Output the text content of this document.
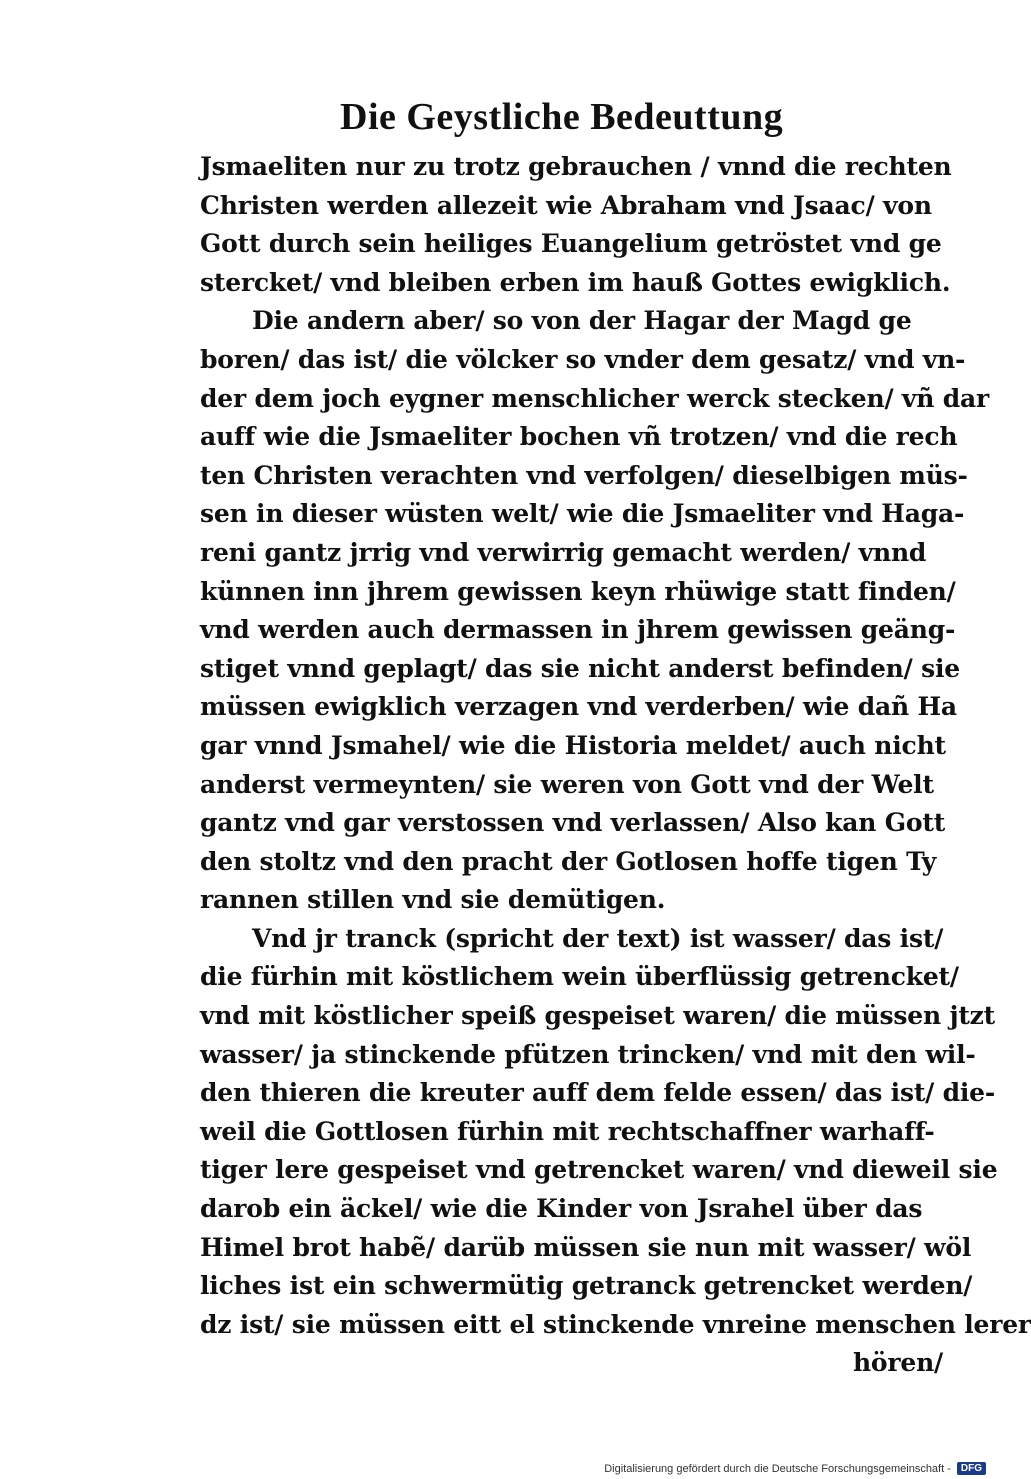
Die Geystliche Bedeuttung
Jsmaeliten nur zu trotz gebrauchen / vnnd die rechten
Christen werden allezeit wie Abraham vnd Jsaac/ von
Gott durch sein heiliges Euangelium getröstet vnd ge
stercket/ vnd bleiben erben im hauß Gottes ewigklich.
Die andern aber/ so von der Hagar der Magd ge
boren/ das ist/ die völcker so vnder dem gesatz/ vnd vn-
der dem joch eygner menschlicher werck stecken/ vñ dar
auff wie die Jsmaeliter bochen vñ trotzen/ vnd die rech
ten Christen verachten vnd verfolgen/ dieselbigen müs-
sen in dieser wüsten welt/ wie die Jsmaeliter vnd Haga-
reni gantz jrrig vnd verwirrig gemacht werden/ vnnd
künnen inn jhrem gewissen keyn rhüwige statt finden/
vnd werden auch dermassen in jhrem gewissen geäng-
stiget vnnd geplagt/ das sie nicht anderst befinden/ sie
müssen ewigklich verzagen vnd verderben/ wie dañ Ha
gar vnnd Jsmahel/ wie die Historia meldet/ auch nicht
anderst vermeynten/ sie weren von Gott vnd der Welt
gantz vnd gar verstossen vnd verlassen/ Also kan Gott
den stoltz vnd den pracht der Gotlosen hoffe tigen Ty
rannen stillen vnd sie demütigen.
Vnd jr tranck (spricht der text) ist wasser/ das ist/
die fürhin mit köstlichem wein überflüssig getrencket/
vnd mit köstlicher speiß gespeiset waren/ die müssen jtzt
wasser/ ja stinckende pfützen trincken/ vnd mit den wil-
den thieren die kreuter auff dem felde essen/ das ist/ die-
weil die Gottlosen fürhin mit rechtschaffner warhaff-
tiger lere gespeiset vnd getrencket waren/ vnd dieweil sie
darob ein äckel/ wie die Kinder von Jsrahel über das
Himel brot habẽ/ darüb müssen sie nun mit wasser/ wöl
liches ist ein schwermütig getranck getrencket werden/
dz ist/ sie müssen eitt el stinckende vnreine menschen lerer
hören/
Digitalisierung gefördert durch die Deutsche Forschungsgemeinschaft -	DFG
